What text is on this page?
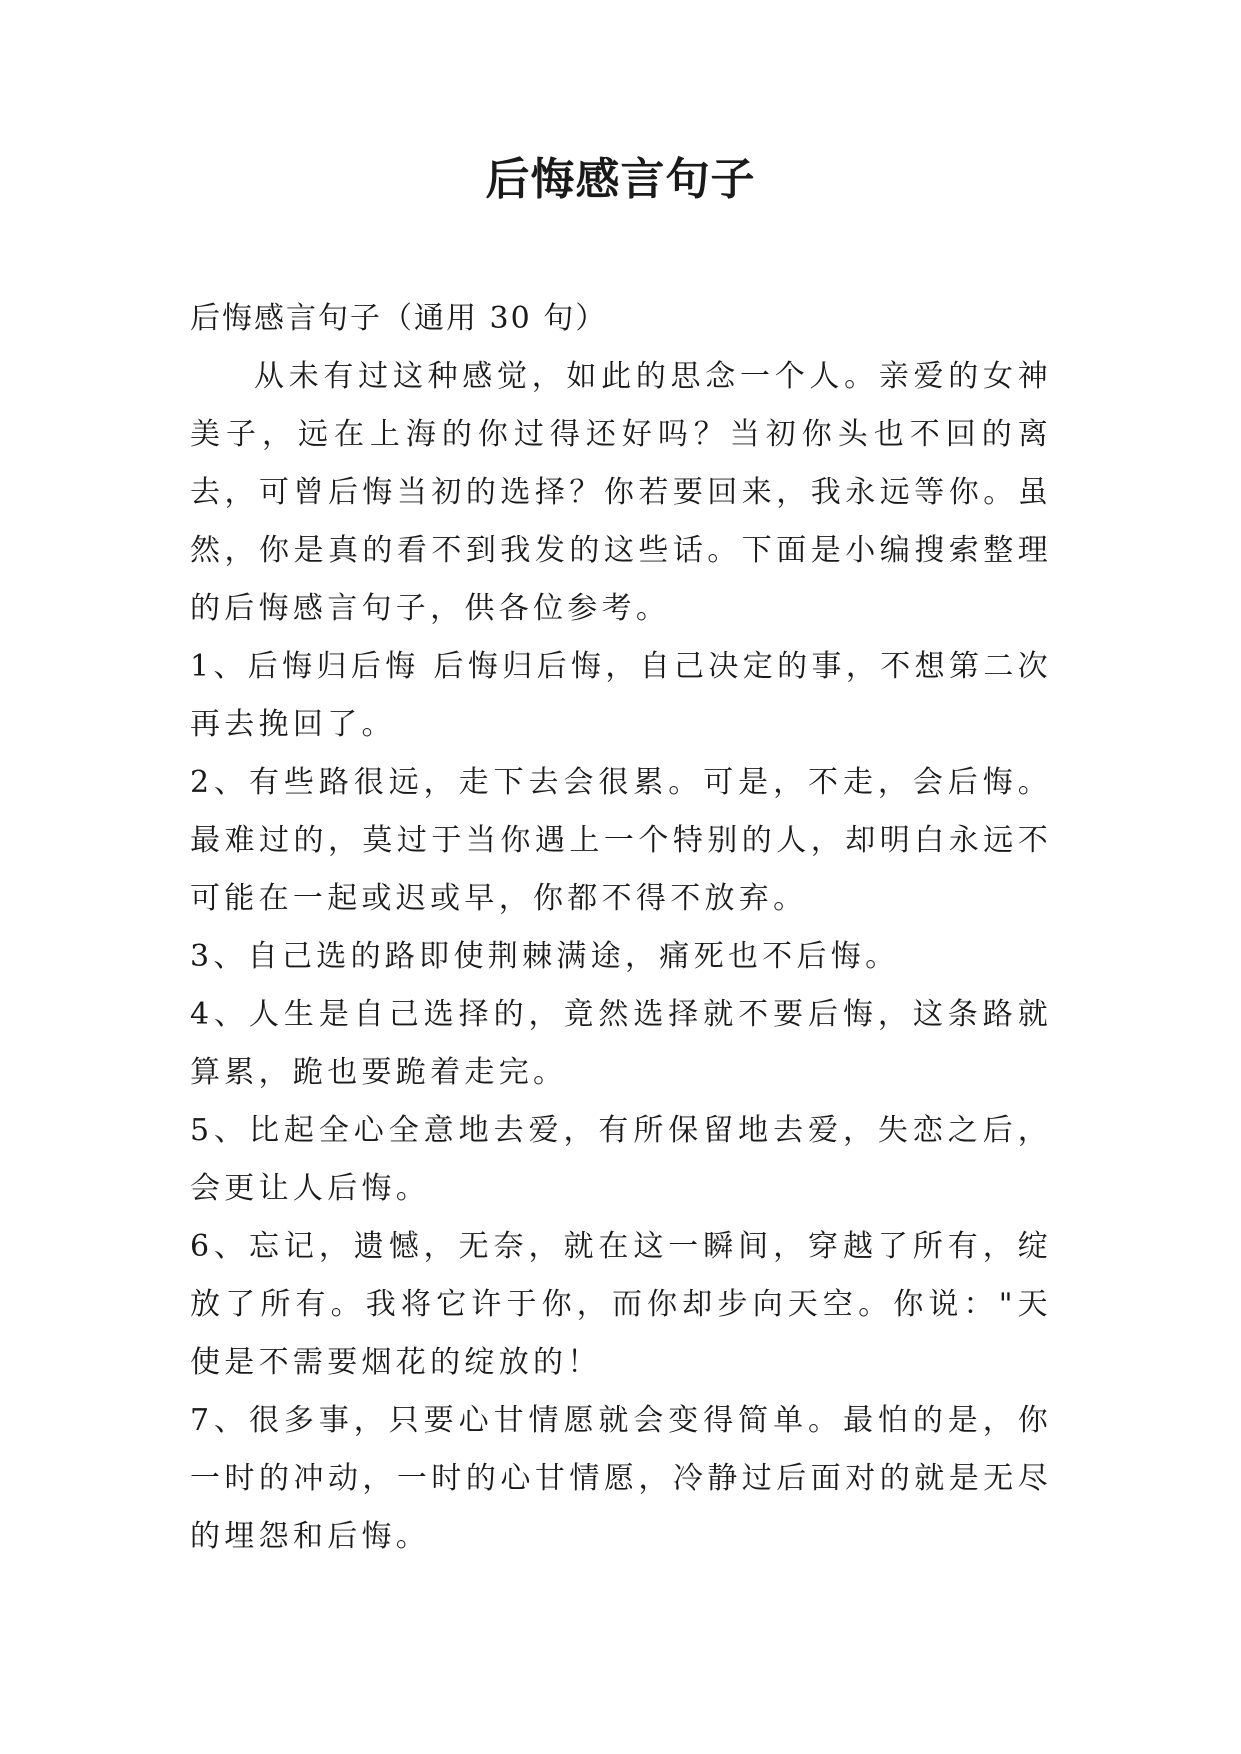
后悔感言句子

后悔感言句子（通用 30 句）

从未有过这种感觉，如此的思念一个人。亲爱的女神美子，远在上海的你过得还好吗？当初你头也不回的离去，可曾后悔当初的选择？你若要回来，我永远等你。虽然，你是真的看不到我发的这些话。下面是小编搜索整理的后悔感言句子，供各位参考。

1、后悔归后悔 后悔归后悔，自己决定的事，不想第二次再去挽回了。

2、有些路很远，走下去会很累。可是，不走，会后悔。最难过的，莫过于当你遇上一个特别的人，却明白永远不可能在一起或迟或早，你都不得不放弃。

3、自己选的路即使荆棘满途，痛死也不后悔。

4、人生是自己选择的，竟然选择就不要后悔，这条路就算累，跪也要跪着走完。

5、比起全心全意地去爱，有所保留地去爱，失恋之后，会更让人后悔。

6、忘记，遗憾，无奈，就在这一瞬间，穿越了所有，绽放了所有。我将它许于你，而你却步向天空。你说："天使是不需要烟花的绽放的！

7、很多事，只要心甘情愿就会变得简单。最怕的是，你一时的冲动，一时的心甘情愿，冷静过后面对的就是无尽的埋怨和后悔。
